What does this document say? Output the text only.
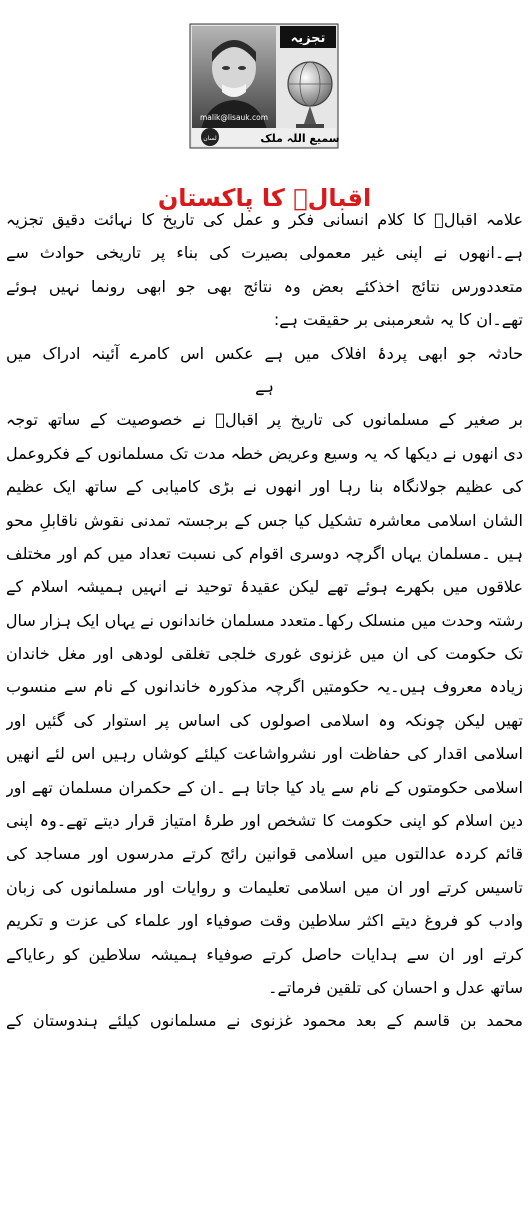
تجزیہ
malik@lisauk.com
سمیع اللہ ملک
لسان
اقبالؒ کا پاکستان
علامہ اقبالؒ کا کلام انسانی فکر و عمل کی تاریخ کا نہائت دقیق تجزیہ
ہے۔انھوں نے اپنی غیر معمولی بصیرت کی بناء پر تاریخی حوادث سے
متعددورس نتائج اخذکئے بعض وہ نتائج بھی جو ابھی رونما نہیں ہوئے
تھے۔ان کا یہ شعرمبنی بر حقیقت ہے:
حادثہ جو ابھی پردۂ افلاک میں ہے عکس اس کامرے آئینہ ادراک میں
ہے
بر صغیر کے مسلمانوں کی تاریخ پر اقبالؒ نے خصوصیت کے ساتھ توجہ
دی انھوں نے دیکھا کہ یہ وسیع وعریض خطہ مدت تک مسلمانوں کے فکروعمل
کی عظیم جولانگاہ بنا رہا اور انھوں نے بڑی کامیابی کے ساتھ ایک عظیم
الشان اسلامی معاشرہ تشکیل کیا جس کے برجستہ تمدنی نقوش ناقابلِ محو
ہیں ۔مسلمان یہاں اگرچہ دوسری اقوام کی نسبت تعداد میں کم اور مختلف
علاقوں میں بکھرے ہوئے تھے لیکن عقیدۂ توحید نے انہیں ہمیشہ اسلام کے
رشتہ وحدت میں منسلک رکھا۔متعدد مسلمان خاندانوں نے یہاں ایک ہزار سال
تک حکومت کی ان میں غزنوی غوری خلجی تغلقی لودھی اور مغل خاندان
زیادہ معروف ہیں۔یہ حکومتیں اگرچہ مذکورہ خاندانوں کے نام سے منسوب
تھیں لیکن چونکہ وہ اسلامی اصولوں کی اساس پر استوار کی گئیں اور
اسلامی اقدار کی حفاظت اور نشرواشاعت کیلئے کوشاں رہیں اس لئے انھیں
اسلامی حکومتوں کے نام سے یاد کیا جاتا ہے ۔ان کے حکمران مسلمان تھے اور
دین اسلام کو اپنی حکومت کا تشخص اور طرۂ امتیاز قرار دیتے تھے۔وہ اپنی
قائم کردہ عدالتوں میں اسلامی قوانین رائج کرتے مدرسوں اور مساجد کی
تاسیس کرتے اور ان میں اسلامی تعلیمات و روایات اور مسلمانوں کی زبان
وادب کو فروغ دیتے اکثر سلاطین وقت صوفیاء اور علماء کی عزت و تکریم
کرتے اور ان سے ہدایات حاصل کرتے صوفیاء ہمیشہ سلاطین کو رعایاکے
ساتھ عدل و احسان کی تلقین فرماتے۔
محمد بن قاسم کے بعد محمود غزنوی نے مسلمانوں کیلئے ہندوستان کے
